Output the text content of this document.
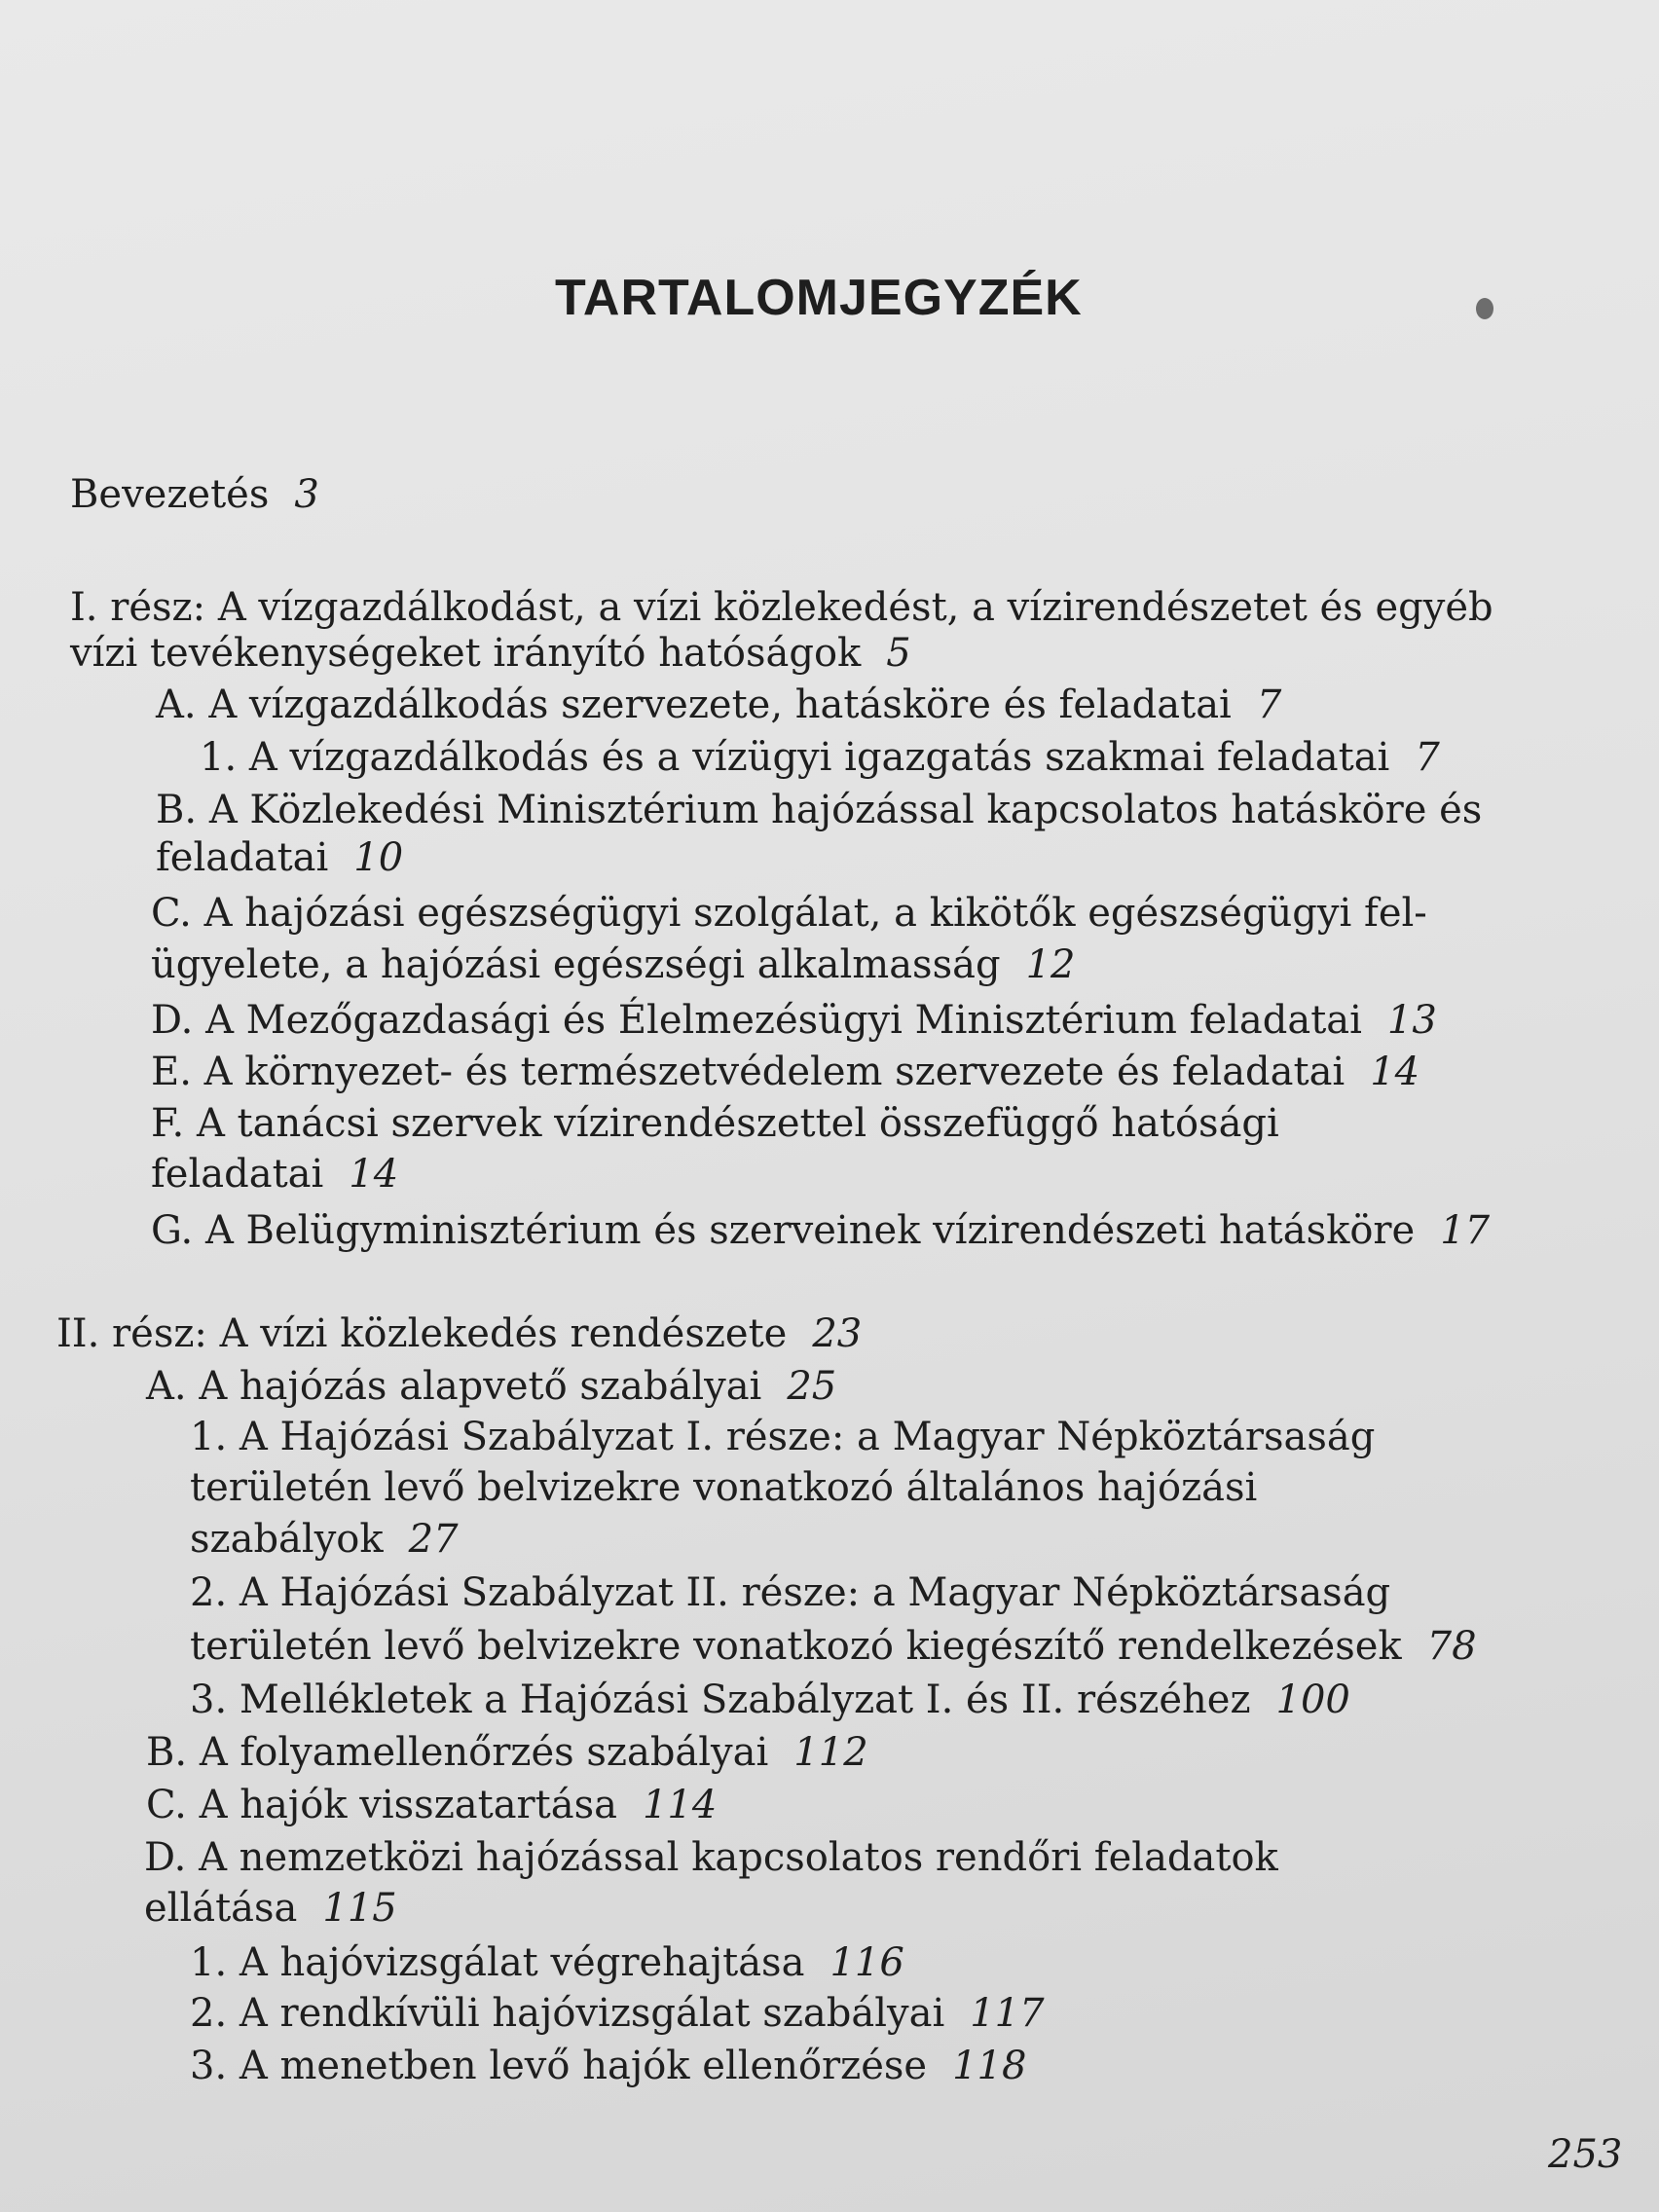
TARTALOMJEGYZÉK
Bevezetés 3
I. rész: A vízgazdálkodást, a vízi közlekedést, a vízirendészetet és egyéb
vízi tevékenységeket irányító hatóságok 5
A. A vízgazdálkodás szervezete, hatásköre és feladatai 7
1. A vízgazdálkodás és a vízügyi igazgatás szakmai feladatai 7
B. A Közlekedési Minisztérium hajózással kapcsolatos hatásköre és
feladatai 10
C. A hajózási egészségügyi szolgálat, a kikötők egészségügyi fel-
ügyelete, a hajózási egészségi alkalmasság 12
D. A Mezőgazdasági és Élelmezésügyi Minisztérium feladatai 13
E. A környezet- és természetvédelem szervezete és feladatai 14
F. A tanácsi szervek vízirendészettel összefüggő hatósági
feladatai 14
G. A Belügyminisztérium és szerveinek vízirendészeti hatásköre 17
II. rész: A vízi közlekedés rendészete 23
A. A hajózás alapvető szabályai 25
1. A Hajózási Szabályzat I. része: a Magyar Népköztársaság
területén levő belvizekre vonatkozó általános hajózási
szabályok 27
2. A Hajózási Szabályzat II. része: a Magyar Népköztársaság
területén levő belvizekre vonatkozó kiegészítő rendelkezések 78
3. Mellékletek a Hajózási Szabályzat I. és II. részéhez 100
B. A folyamellenőrzés szabályai 112
C. A hajók visszatartása 114
D. A nemzetközi hajózással kapcsolatos rendőri feladatok
ellátása 115
1. A hajóvizsgálat végrehajtása 116
2. A rendkívüli hajóvizsgálat szabályai 117
3. A menetben levő hajók ellenőrzése 118
253
